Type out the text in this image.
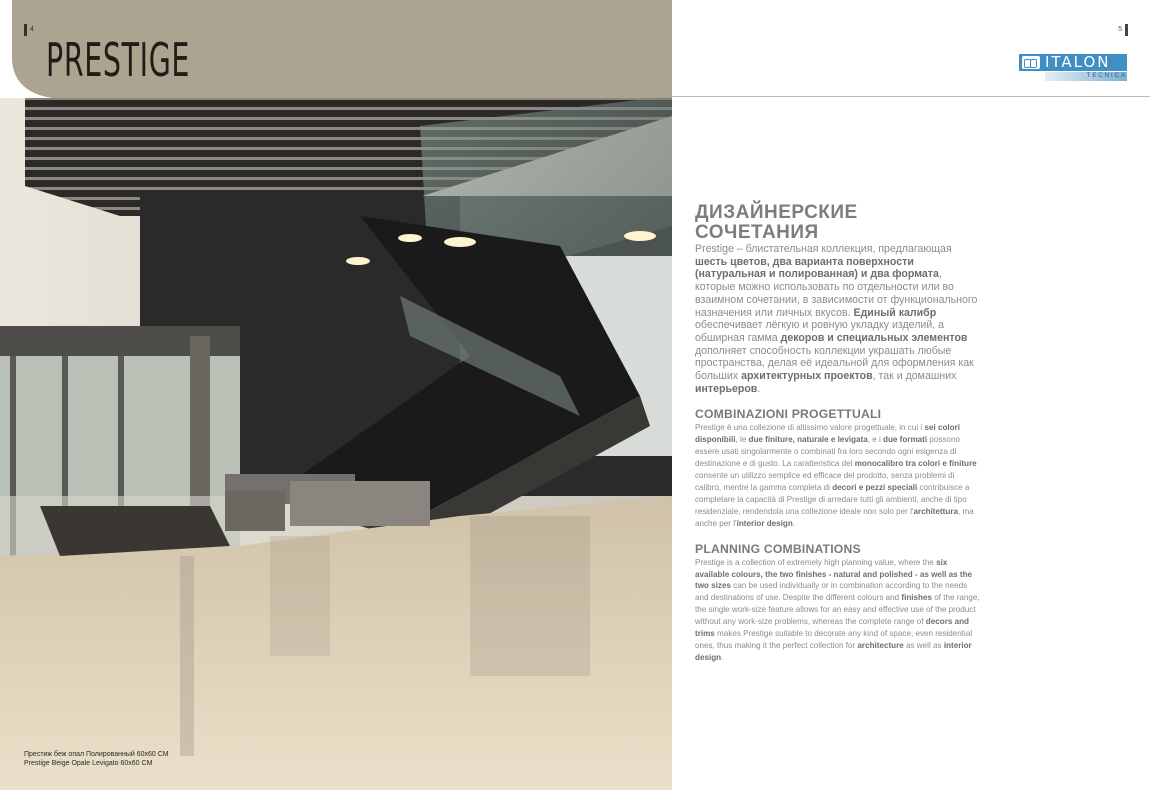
4
PRESTIGE
Престиж беж опал Полированный 60x60 СМ
Prestige Beige Opale Levigato 60x60 CM
5
ITALON
TECNICA
ДИЗАЙНЕРСКИЕ
СОЧЕТАНИЯ

Prestige – блистательная коллекция, предлагающая шесть цветов, два варианта поверхности (натуральная и полированная) и два формата, которые можно использовать по отдельности или во взаимном сочетании, в зависимости от функционального назначения или личных вкусов. Единый калибр обеспечивает лёгкую и ровную укладку изделий, а обширная гамма декоров и специальных элементов дополняет способность коллекции украшать любые пространства, делая её идеальной для оформления как больших архитектурных проектов, так и домашних интерьеров.

COMBINAZIONI PROGETTUALI

Prestige è una collezione di altissimo valore progettuale, in cui i sei colori disponibili, le due finiture, naturale e levigata, e i due formati possono essere usati singolarmente o combinati fra loro secondo ogni esigenza di destinazione e di gusto. La caratteristica del monocalibro tra colori e finiture consente un utilizzo semplice ed efficace del prodotto, senza problemi di calibro, mentre la gamma completa di decori e pezzi speciali contribuisce a completare la capacità di Prestige di arredare tutti gli ambienti, anche di tipo residenziale, rendendola una collezione ideale non solo per l'architettura, ma anche per l'interior design.

PLANNING COMBINATIONS

Prestige is a collection of extremely high planning value, where the six available colours, the two finishes - natural and polished - as well as the two sizes can be used individually or in combination according to the needs and destinations of use. Despite the different colours and finishes of the range, the single work-size feature allows for an easy and effective use of the product without any work-size problems, whereas the complete range of decors and trims makes Prestige suitable to decorate any kind of space, even residential ones, thus making it the perfect collection for architecture as well as interior design.
